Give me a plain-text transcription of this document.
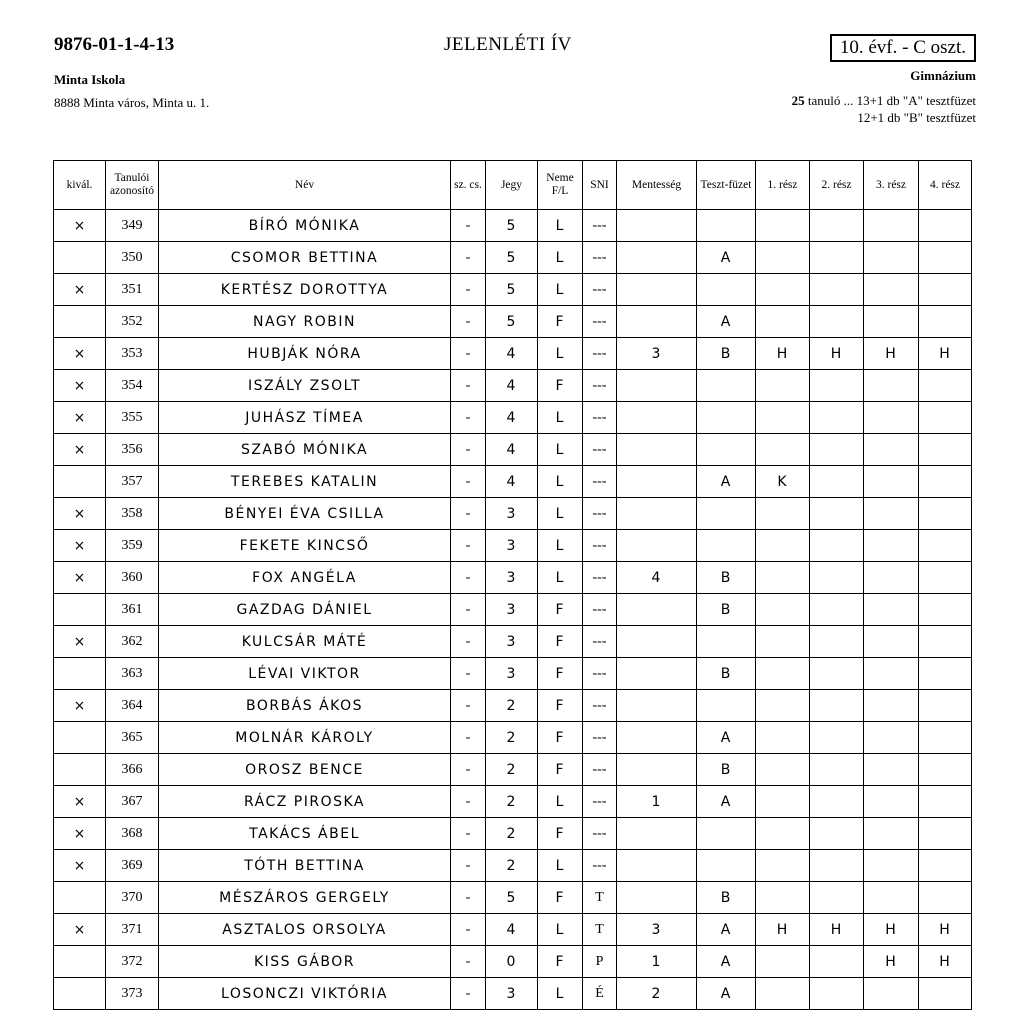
9876-01-1-4-13	JELENLÉTI ÍV	10. évf. - C oszt.
Minta Iskola
8888 Minta város, Minta u. 1.
Gimnázium
25 tanuló ... 13+1 db "A" tesztfüzet
12+1 db "B" tesztfüzet
kivál.	Tanulói azonosító	Név	sz. cs.	Jegy	Neme F/L	SNI	Mentesség	Teszt-füzet	1. rész	2. rész	3. rész	4. rész
×	349	BÍRÓ MÓNIKA	-	5	L	---						
	350	CSOMOR BETTINA	-	5	L	---		A				
×	351	KERTÉSZ DOROTTYA	-	5	L	---						
	352	NAGY ROBIN	-	5	F	---		A				
×	353	HUBJÁK NÓRA	-	4	L	---	3	B	H	H	H	H
×	354	ISZÁLY ZSOLT	-	4	F	---						
×	355	JUHÁSZ TÍMEA	-	4	L	---						
×	356	SZABÓ MÓNIKA	-	4	L	---						
	357	TEREBES KATALIN	-	4	L	---		A	K			
×	358	BÉNYEI ÉVA CSILLA	-	3	L	---						
×	359	FEKETE KINCSŐ	-	3	L	---						
×	360	FOX ANGÉLA	-	3	L	---	4	B				
	361	GAZDAG DÁNIEL	-	3	F	---		B				
×	362	KULCSÁR MÁTÉ	-	3	F	---						
	363	LÉVAI VIKTOR	-	3	F	---		B				
×	364	BORBÁS ÁKOS	-	2	F	---						
	365	MOLNÁR KÁROLY	-	2	F	---		A				
	366	OROSZ BENCE	-	2	F	---		B				
×	367	RÁCZ PIROSKA	-	2	L	---	1	A				
×	368	TAKÁCS ÁBEL	-	2	F	---						
×	369	TÓTH BETTINA	-	2	L	---						
	370	MÉSZÁROS GERGELY	-	5	F	T		B				
×	371	ASZTALOS ORSOLYA	-	4	L	T	3	A	H	H	H	H
	372	KISS GÁBOR	-	0	F	P	1	A			H	H
	373	LOSONCZI VIKTÓRIA	-	3	L	É	2	A				
